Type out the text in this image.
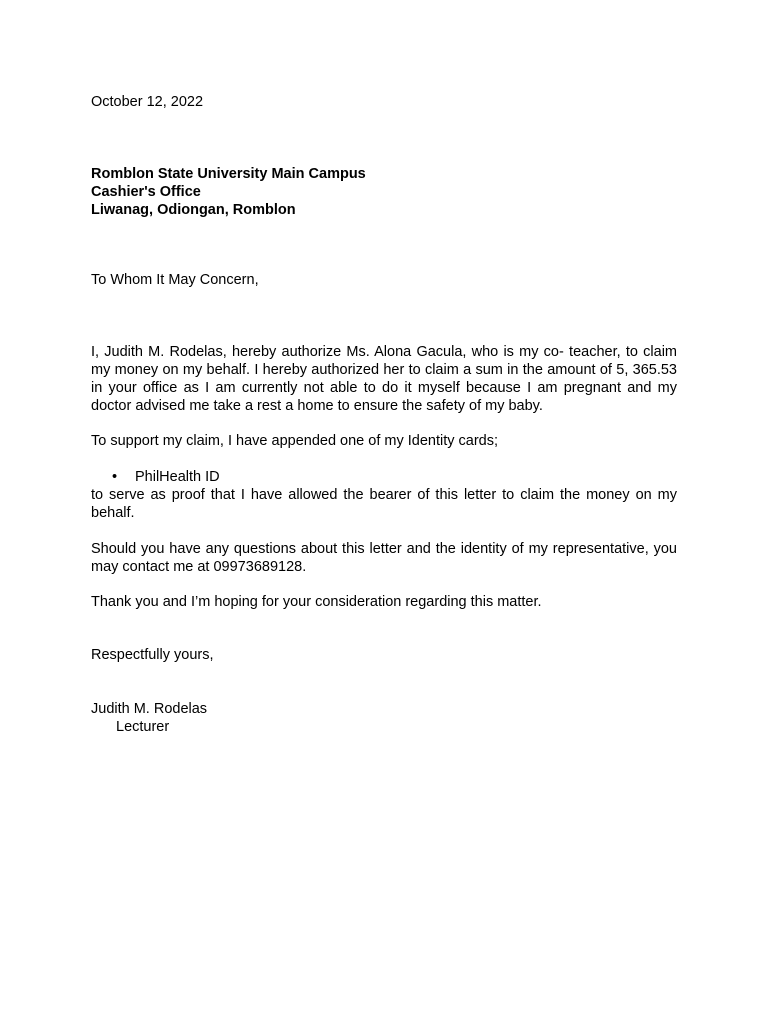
October 12, 2022
Romblon State University Main Campus
Cashier's Office
Liwanag, Odiongan, Romblon
To Whom It May Concern,
I, Judith M. Rodelas, hereby authorize Ms. Alona Gacula, who is my co- teacher, to claim my money on my behalf. I hereby authorized her to claim a sum in the amount of 5, 365.53 in your office as I am currently not able to do it myself because I am pregnant and my doctor advised me take a rest a home to ensure the safety of my baby.
To support my claim, I have appended one of my Identity cards;
• PhilHealth ID
to serve as proof that I have allowed the bearer of this letter to claim the money on my behalf.
Should you have any questions about this letter and the identity of my representative, you may contact me at 09973689128.
Thank you and I’m hoping for your consideration regarding this matter.
Respectfully yours,
Judith M. Rodelas
Lecturer
